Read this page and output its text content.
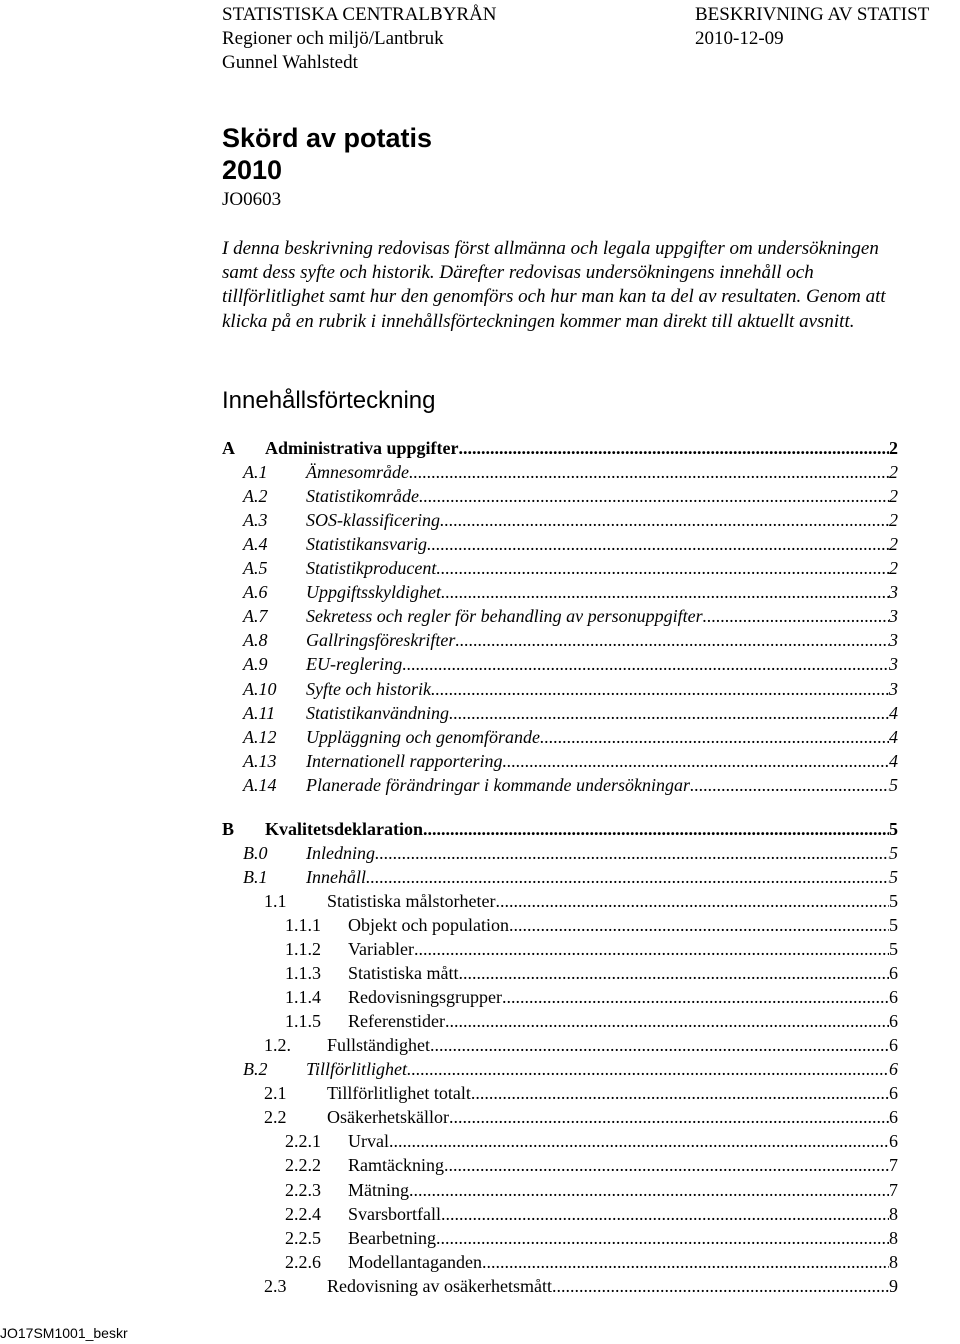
STATISTISKA CENTRALBYRÅN	BESKRIVNING AV STATIST
Regioner och miljö/Lantbruk	2010-12-09
Gunnel Wahlstedt
Skörd av potatis
2010
JO0603

I denna beskrivning redovisas först allmänna och legala uppgifter om undersökningen samt dess syfte och historik. Därefter redovisas undersökningens innehåll och tillförlitlighet samt hur den genomförs och hur man kan ta del av resultaten. Genom att klicka på en rubrik i innehållsförteckningen kommer man direkt till aktuellt avsnitt.

Innehållsförteckning
A	Administrativa uppgifter .....	2
A.1	Ämnesområde .....	2
A.2	Statistikområde .....	2
A.3	SOS-klassificering .....	2
A.4	Statistikansvarig .....	2
A.5	Statistikproducent .....	2
A.6	Uppgiftsskyldighet .....	3
A.7	Sekretess och regler för behandling av personuppgifter .....	3
A.8	Gallringsföreskrifter .....	3
A.9	EU-reglering .....	3
A.10	Syfte och historik .....	3
A.11	Statistikanvändning .....	4
A.12	Uppläggning och genomförande .....	4
A.13	Internationell rapportering .....	4
A.14	Planerade förändringar i kommande undersökningar .....	5
B	Kvalitetsdeklaration .....	5
B.0	Inledning .....	5
B.1	Innehåll .....	5
1.1	Statistiska målstorheter .....	5
1.1.1	Objekt och population .....	5
1.1.2	Variabler .....	5
1.1.3	Statistiska mått .....	6
1.1.4	Redovisningsgrupper .....	6
1.1.5	Referenstider .....	6
1.2.	Fullständighet .....	6
B.2	Tillförlitlighet .....	6
2.1	Tillförlitlighet totalt .....	6
2.2	Osäkerhetskällor .....	6
2.2.1	Urval .....	6
2.2.2	Ramtäckning .....	7
2.2.3	Mätning .....	7
2.2.4	Svarsbortfall .....	8
2.2.5	Bearbetning .....	8
2.2.6	Modellantaganden .....	8
2.3	Redovisning av osäkerhetsmått .....	9
JO17SM1001_beskr
